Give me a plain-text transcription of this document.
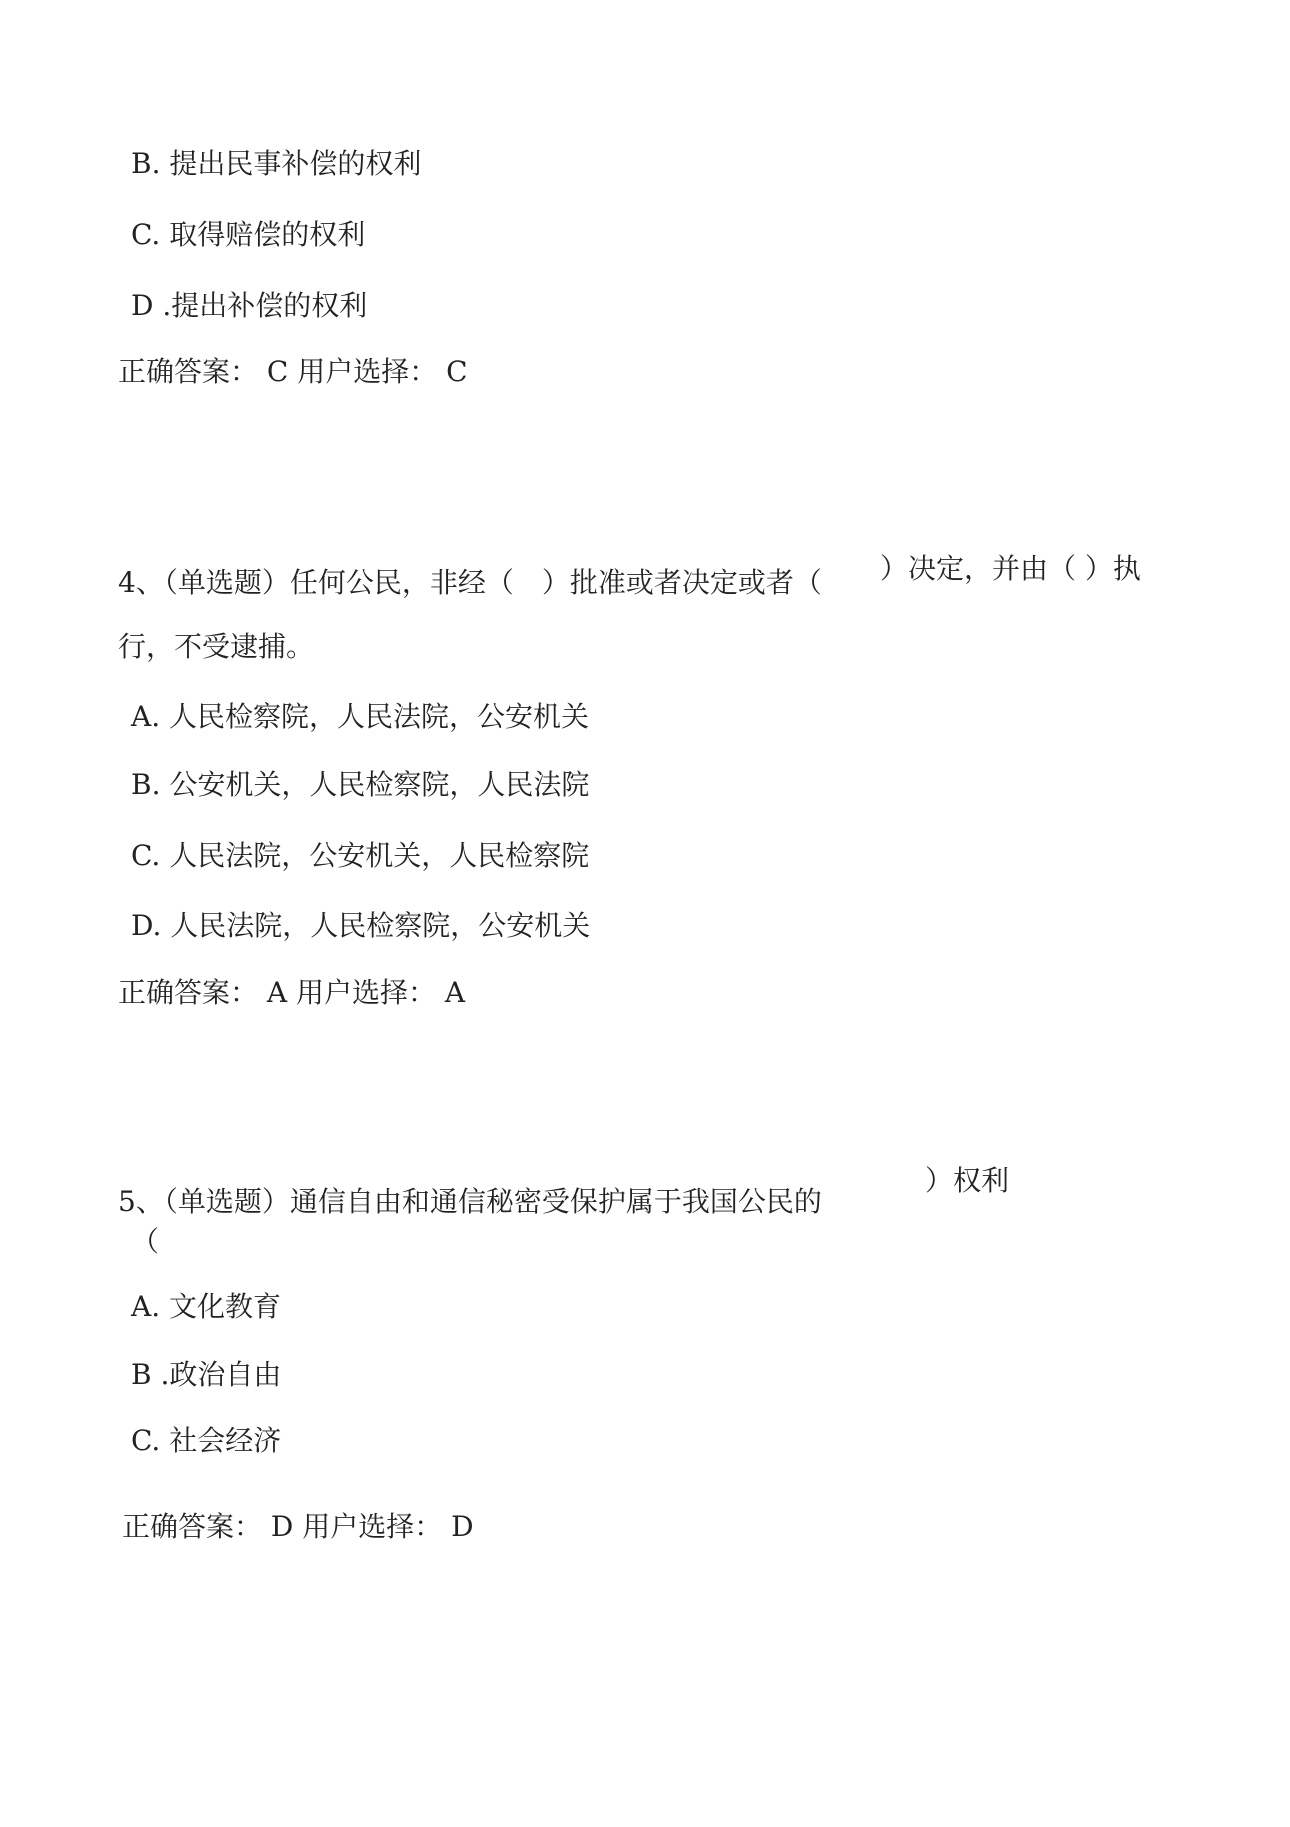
B. 提出民事补偿的权利
C. 取得赔偿的权利
D .提出补偿的权利
正确答案： C 用户选择： C
4、（单选题）任何公民，非经（　）批准或者决定或者（ ）决定，并由（ ）执
行，不受逮捕。
A. 人民检察院，人民法院，公安机关
B. 公安机关，人民检察院，人民法院
C. 人民法院，公安机关，人民检察院
D. 人民法院，人民检察院，公安机关
正确答案： A 用户选择： A
5、（单选题）通信自由和通信秘密受保护属于我国公民的
）权利
（
A. 文化教育
B .政治自由
C. 社会经济
正确答案： D 用户选择： D
